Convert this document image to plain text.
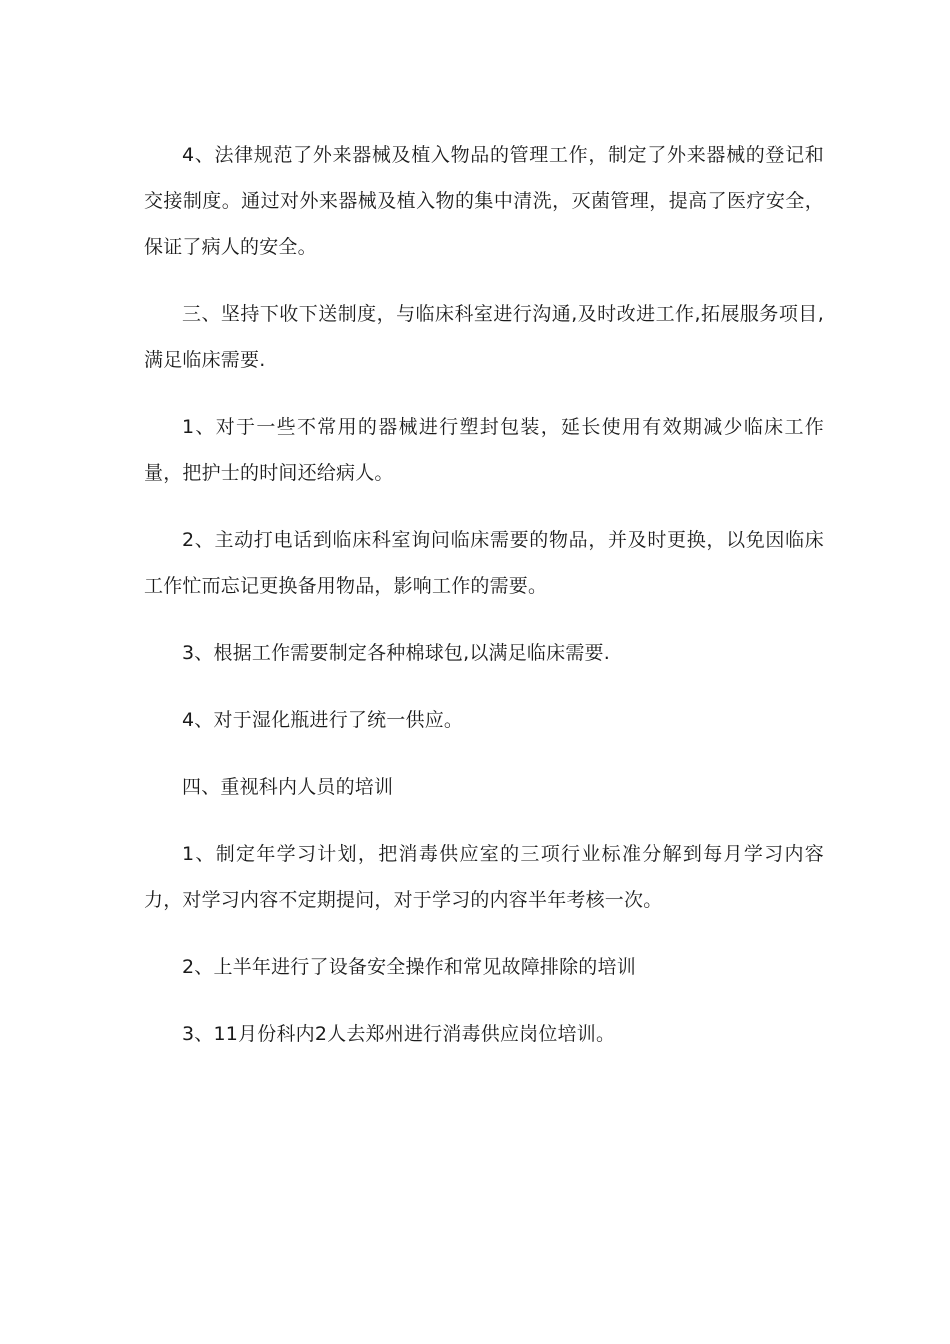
4、法律规范了外来器械及植入物品的管理工作，制定了外来器械的登记和交接制度。通过对外来器械及植入物的集中清洗，灭菌管理，提高了医疗安全，保证了病人的安全。

三、坚持下收下送制度，与临床科室进行沟通,及时改进工作,拓展服务项目,满足临床需要.

1、对于一些不常用的器械进行塑封包装，延长使用有效期减少临床工作量，把护士的时间还给病人。

2、主动打电话到临床科室询问临床需要的物品，并及时更换，以免因临床工作忙而忘记更换备用物品，影响工作的需要。

3、根据工作需要制定各种棉球包,以满足临床需要.

4、对于湿化瓶进行了统一供应。

四、重视科内人员的培训

1、制定年学习计划，把消毒供应室的三项行业标准分解到每月学习内容力，对学习内容不定期提问，对于学习的内容半年考核一次。

2、上半年进行了设备安全操作和常见故障排除的培训

3、11月份科内2人去郑州进行消毒供应岗位培训。
